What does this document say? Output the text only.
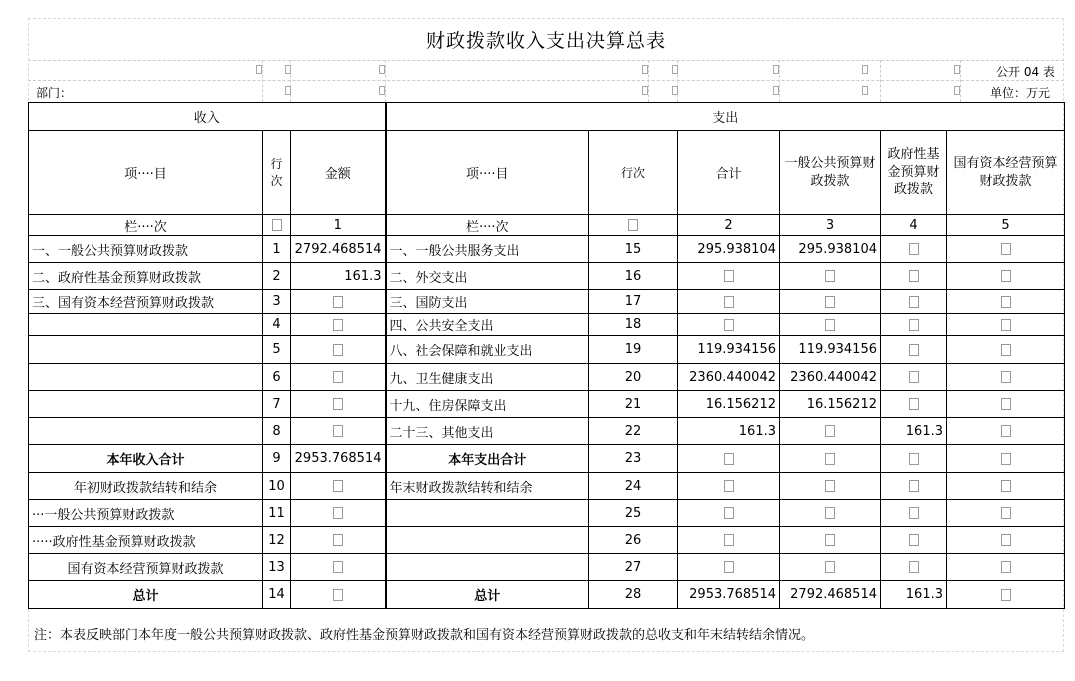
财政拨款收入支出决算总表
公开 04 表
部门：	单位：万元
收入			支出					
项····目	行次	金额	项····目	行次	合计	一般公共预算财政拨款	政府性基金预算财政拨款	国有资本经营预算财政拨款
栏····次		1	栏····次		2	3	4	5
一、一般公共预算财政拨款	1	2792.468514	一、一般公共服务支出	15	295.938104	295.938104		
二、政府性基金预算财政拨款	2	161.3	二、外交支出	16				
三、国有资本经营预算财政拨款	3		三、国防支出	17				
	4		四、公共安全支出	18				
	5		八、社会保障和就业支出	19	119.934156	119.934156		
	6		九、卫生健康支出	20	2360.440042	2360.440042		
	7		十九、住房保障支出	21	16.156212	16.156212		
	8		二十三、其他支出	22	161.3		161.3	
本年收入合计	9	2953.768514	本年支出合计	23				
年初财政拨款结转和结余	10		年末财政拨款结转和结余	24				
···一般公共预算财政拨款	11			25				
·····政府性基金预算财政拨款	12			26				
国有资本经营预算财政拨款	13			27				
总计	14		总计	28	2953.768514	2792.468514	161.3	
注：本表反映部门本年度一般公共预算财政拨款、政府性基金预算财政拨款和国有资本经营预算财政拨款的总收支和年末结转结余情况。
